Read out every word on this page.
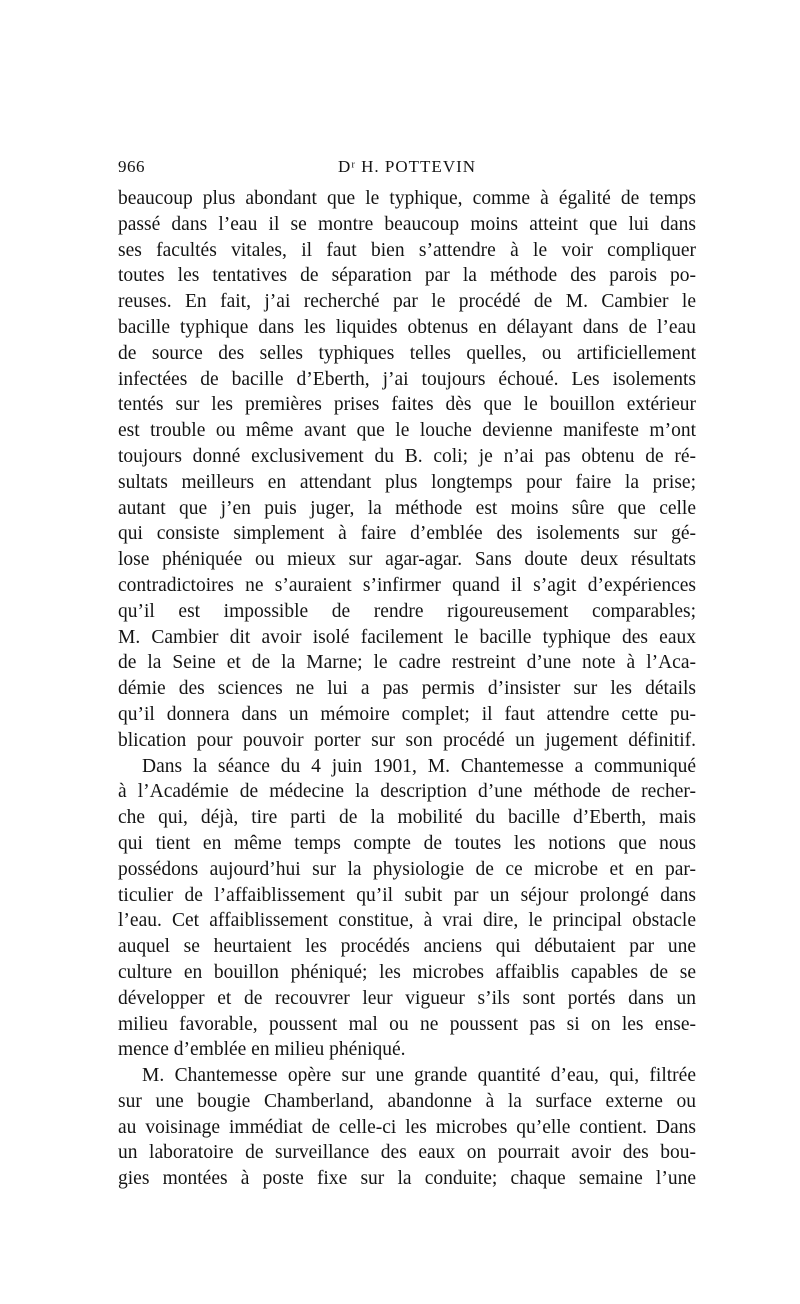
966	Dʳ H. POTTEVIN
beaucoup plus abondant que le typhique, comme à égalité de temps
passé dans l’eau il se montre beaucoup moins atteint que lui dans
ses facultés vitales, il faut bien s’attendre à le voir compliquer
toutes les tentatives de séparation par la méthode des parois po-
reuses. En fait, j’ai recherché par le procédé de M. Cambier le
bacille typhique dans les liquides obtenus en délayant dans de l’eau
de source des selles typhiques telles quelles, ou artificiellement
infectées de bacille d’Eberth, j’ai toujours échoué. Les isolements
tentés sur les premières prises faites dès que le bouillon extérieur
est trouble ou même avant que le louche devienne manifeste m’ont
toujours donné exclusivement du B. coli; je n’ai pas obtenu de ré-
sultats meilleurs en attendant plus longtemps pour faire la prise;
autant que j’en puis juger, la méthode est moins sûre que celle
qui consiste simplement à faire d’emblée des isolements sur gé-
lose phéniquée ou mieux sur agar-agar. Sans doute deux résultats
contradictoires ne s’auraient s’infirmer quand il s’agit d’expériences
qu’il est impossible de rendre rigoureusement comparables;
M. Cambier dit avoir isolé facilement le bacille typhique des eaux
de la Seine et de la Marne; le cadre restreint d’une note à l’Aca-
démie des sciences ne lui a pas permis d’insister sur les détails
qu’il donnera dans un mémoire complet; il faut attendre cette pu-
blication pour pouvoir porter sur son procédé un jugement définitif.
Dans la séance du 4 juin 1901, M. Chantemesse a communiqué
à l’Académie de médecine la description d’une méthode de recher-
che qui, déjà, tire parti de la mobilité du bacille d’Eberth, mais
qui tient en même temps compte de toutes les notions que nous
possédons aujourd’hui sur la physiologie de ce microbe et en par-
ticulier de l’affaiblissement qu’il subit par un séjour prolongé dans
l’eau. Cet affaiblissement constitue, à vrai dire, le principal obstacle
auquel se heurtaient les procédés anciens qui débutaient par une
culture en bouillon phéniqué; les microbes affaiblis capables de se
développer et de recouvrer leur vigueur s’ils sont portés dans un
milieu favorable, poussent mal ou ne poussent pas si on les ense-
mence d’emblée en milieu phéniqué.
M. Chantemesse opère sur une grande quantité d’eau, qui, filtrée
sur une bougie Chamberland, abandonne à la surface externe ou
au voisinage immédiat de celle-ci les microbes qu’elle contient. Dans
un laboratoire de surveillance des eaux on pourrait avoir des bou-
gies montées à poste fixe sur la conduite; chaque semaine l’une
